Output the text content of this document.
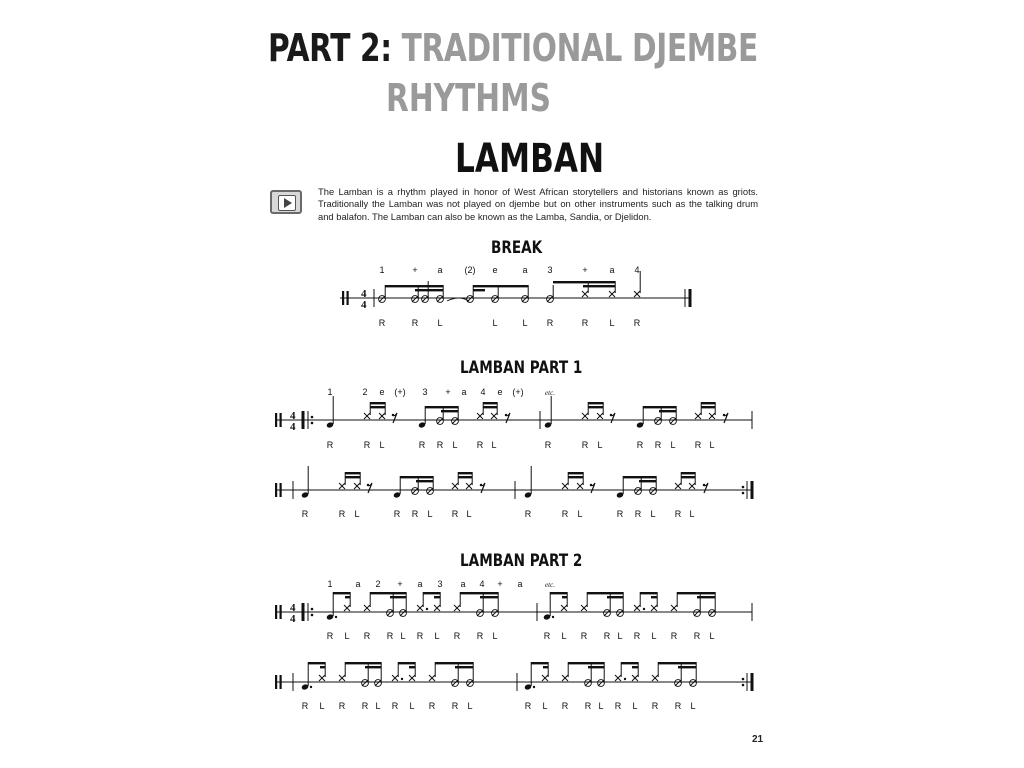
PART 2: TRADITIONAL DJEMBE
RHYTHMS
LAMBAN
The Lamban is a rhythm played in honor of West African storytellers and historians known as griots. Traditionally the Lamban was not played on djembe but on other instruments such as the talking drum and balafon. The Lamban can also be known as the Lamba, Sandia, or Djelidon.
BREAK
LAMBAN PART 1
LAMBAN PART 2
21
4
4
1	+ a (2) e	a 3	+ a 4
R	R L	L	L R	R L R
4
4
1	2 e (+) 3 + a 4 e (+)	etc.
R	R L	R R L R L	R	R L	R R L R L
R	R L	R R L R L	R	R L	R R L R L
4
4
1	a 2 + a 3 a 4 + a	etc.
R L R R L R L R R L	R L R R L R L R R L
R L R R L R L R R L	R L R R L R L R R L
